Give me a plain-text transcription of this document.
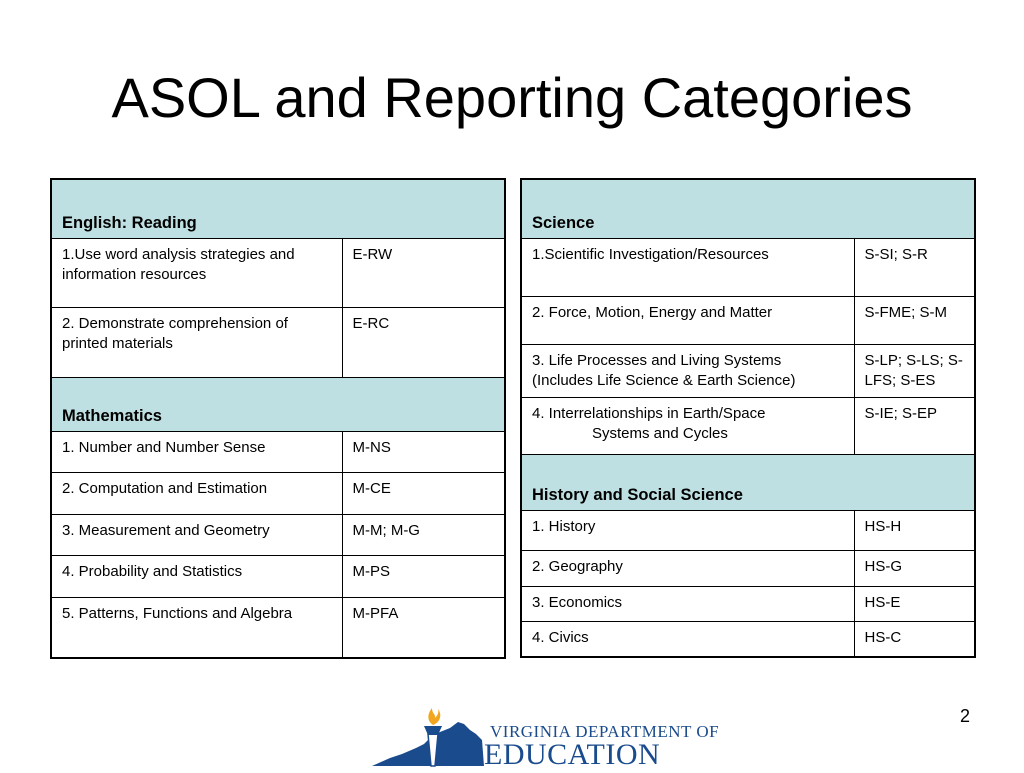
ASOL and Reporting Categories
English: Reading	
1.Use word analysis strategies and information resources	E-RW
2. Demonstrate comprehension of printed materials	E-RC
Mathematics	
1. Number and Number Sense	M-NS
2. Computation and Estimation	M-CE
3. Measurement and Geometry	M-M; M-G
4. Probability and Statistics	M-PS
5. Patterns, Functions and Algebra	M-PFA
Science	
1.Scientific Investigation/Resources	S-SI; S-R
2. Force, Motion, Energy and Matter	S-FME; S-M
3. Life Processes and Living Systems (Includes Life Science & Earth Science)	S-LP; S-LS; S-LFS; S-ES
4. Interrelationships in Earth/Space
Systems and Cycles	S-IE; S-EP
History and Social Science	
1. History	HS-H
2. Geography	HS-G
3. Economics	HS-E
4. Civics	HS-C
VIRGINIA DEPARTMENT OF
EDUCATION
2
